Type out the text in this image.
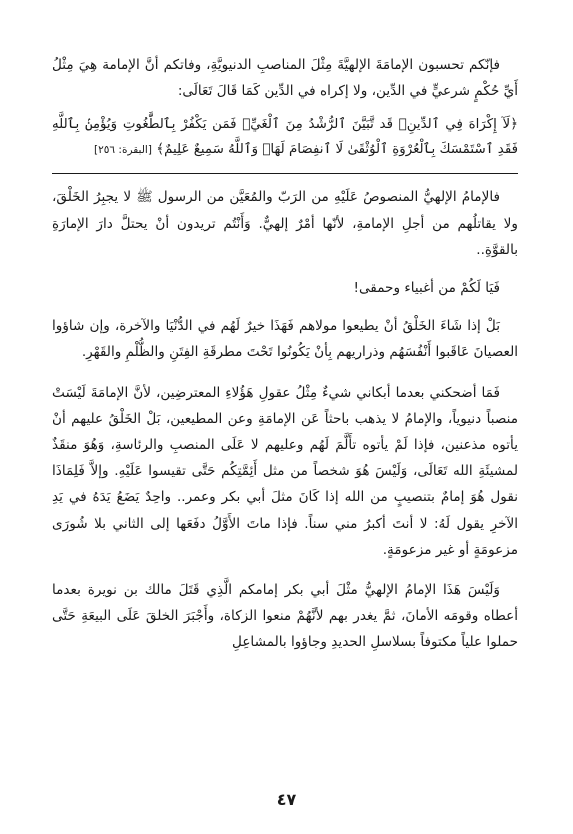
فإنّكم تحسبون الإمامَةَ الإلهيَّةَ مِثْلَ المناصبِ الدنيويَّةِ، وفاتكم أنَّ الإمامة هِيَ مِثْلُ أَيِّ حُكْمٍ شرعيٍّ في الدِّين، ولا إكراه في الدِّين كَمَا قَالَ تَعَالَى:

﴿لَآ إِكْرَاهَ فِي ٱلدِّينِۖ قَد تَّبَيَّنَ ٱلرُّشْدُ مِنَ ٱلْغَيِّۚ فَمَن يَكْفُرْ بِٱلطَّٰغُوتِ وَيُؤْمِنۢ بِٱللَّهِ فَقَدِ ٱسْتَمْسَكَ بِٱلْعُرْوَةِ ٱلْوُثْقَىٰ لَا ٱنفِصَامَ لَهَاۗ وَٱللَّهُ سَمِيعٌ عَلِيمٌ﴾ [البقرة: ٢٥٦]

فالإمامُ الإلهيُّ المنصوصُ عَلَيْهِ من الرَبّ والمُعَيَّن من الرسول ﷺ لا يجبِرُ الخَلْقَ، ولا يقاتلُهم من أجلِ الإمامةِ، لأنّها أمْرٌ إلهيٌّ. وَأَنْتُم تريدون أنْ يحتلَّ دارَ الإمارَةِ بالقوَّةِ..

فَيَا لَكُمْ من أغبياء وحمقى!

بَلْ إذا شَاءَ الخَلْقُ أنْ يطيعوا مولاهم فَهَذَا خيرٌ لَهُم في الدُّنْيَا والآخرة، وإن شاؤوا العصيانَ عَاقَبوا أَنْفُسَهُم وذراريهم بِأنْ يَكُونُوا تَحْتَ مطرقَةِ الفِتَنِ والظُّلْمِ والقَهْرِ.

فَمَا أضحكني بعدما أبكاني شيءٌ مِثْلُ عقولِ هَؤُلاءِ المعترضِين، لأنَّ الإمامَةَ لَيْسَتْ منصباً دنيوياً، والإمامُ لا يذهب باحثاً عَن الإمامَةِ وعن المطيعين، بَلْ الخَلْقُ عليهم أنْ يأتوه مذعنين، فإذا لَمْ يأتوه تأَلَّمَ لَهُم وعليهم لا عَلَى المنصبِ والرئاسةِ، وَهُوَ منقَذٌ لمشيئَةِ الله تَعَالَى، وَلَيْسَ هُوَ شخصاً من مثل أَئِمَّتِكُم حَتَّى تقيسوا عَلَيْهِ. وإلاَّ فَلِمَاذَا نقول هُوَ إمامٌ بتنصيبٍ من الله إذا كَانَ مثلَ أبي بكر وعمر.. واحِدٌ يَضَعُ يَدَهُ في يَدِ الآخرِ يقول لَهُ: لا أنتَ أكبرُ مني سناً. فإذا ماتَ الأَوَّلُ دفَعَها إلى الثاني بلا شُورَى مزعومَةٍ أو غير مزعومَةٍ.

وَلَيْسَ هَذَا الإمامُ الإلهيُّ مثْلَ أبي بكر إمامكم الَّذِي قَتَلَ مالك بن نويرة بعدما أعطاه وقومَه الأمانَ، ثمَّ يغدر بهم لأنَّهُمْ منعوا الزكاة، وأَجْبَرَ الخلقَ عَلَى البيعَةِ حَتَّى حملوا علياً مكتوفاً بسلاسلِ الحديدِ وجاؤوا بالمشاعِلِ

٤٧
